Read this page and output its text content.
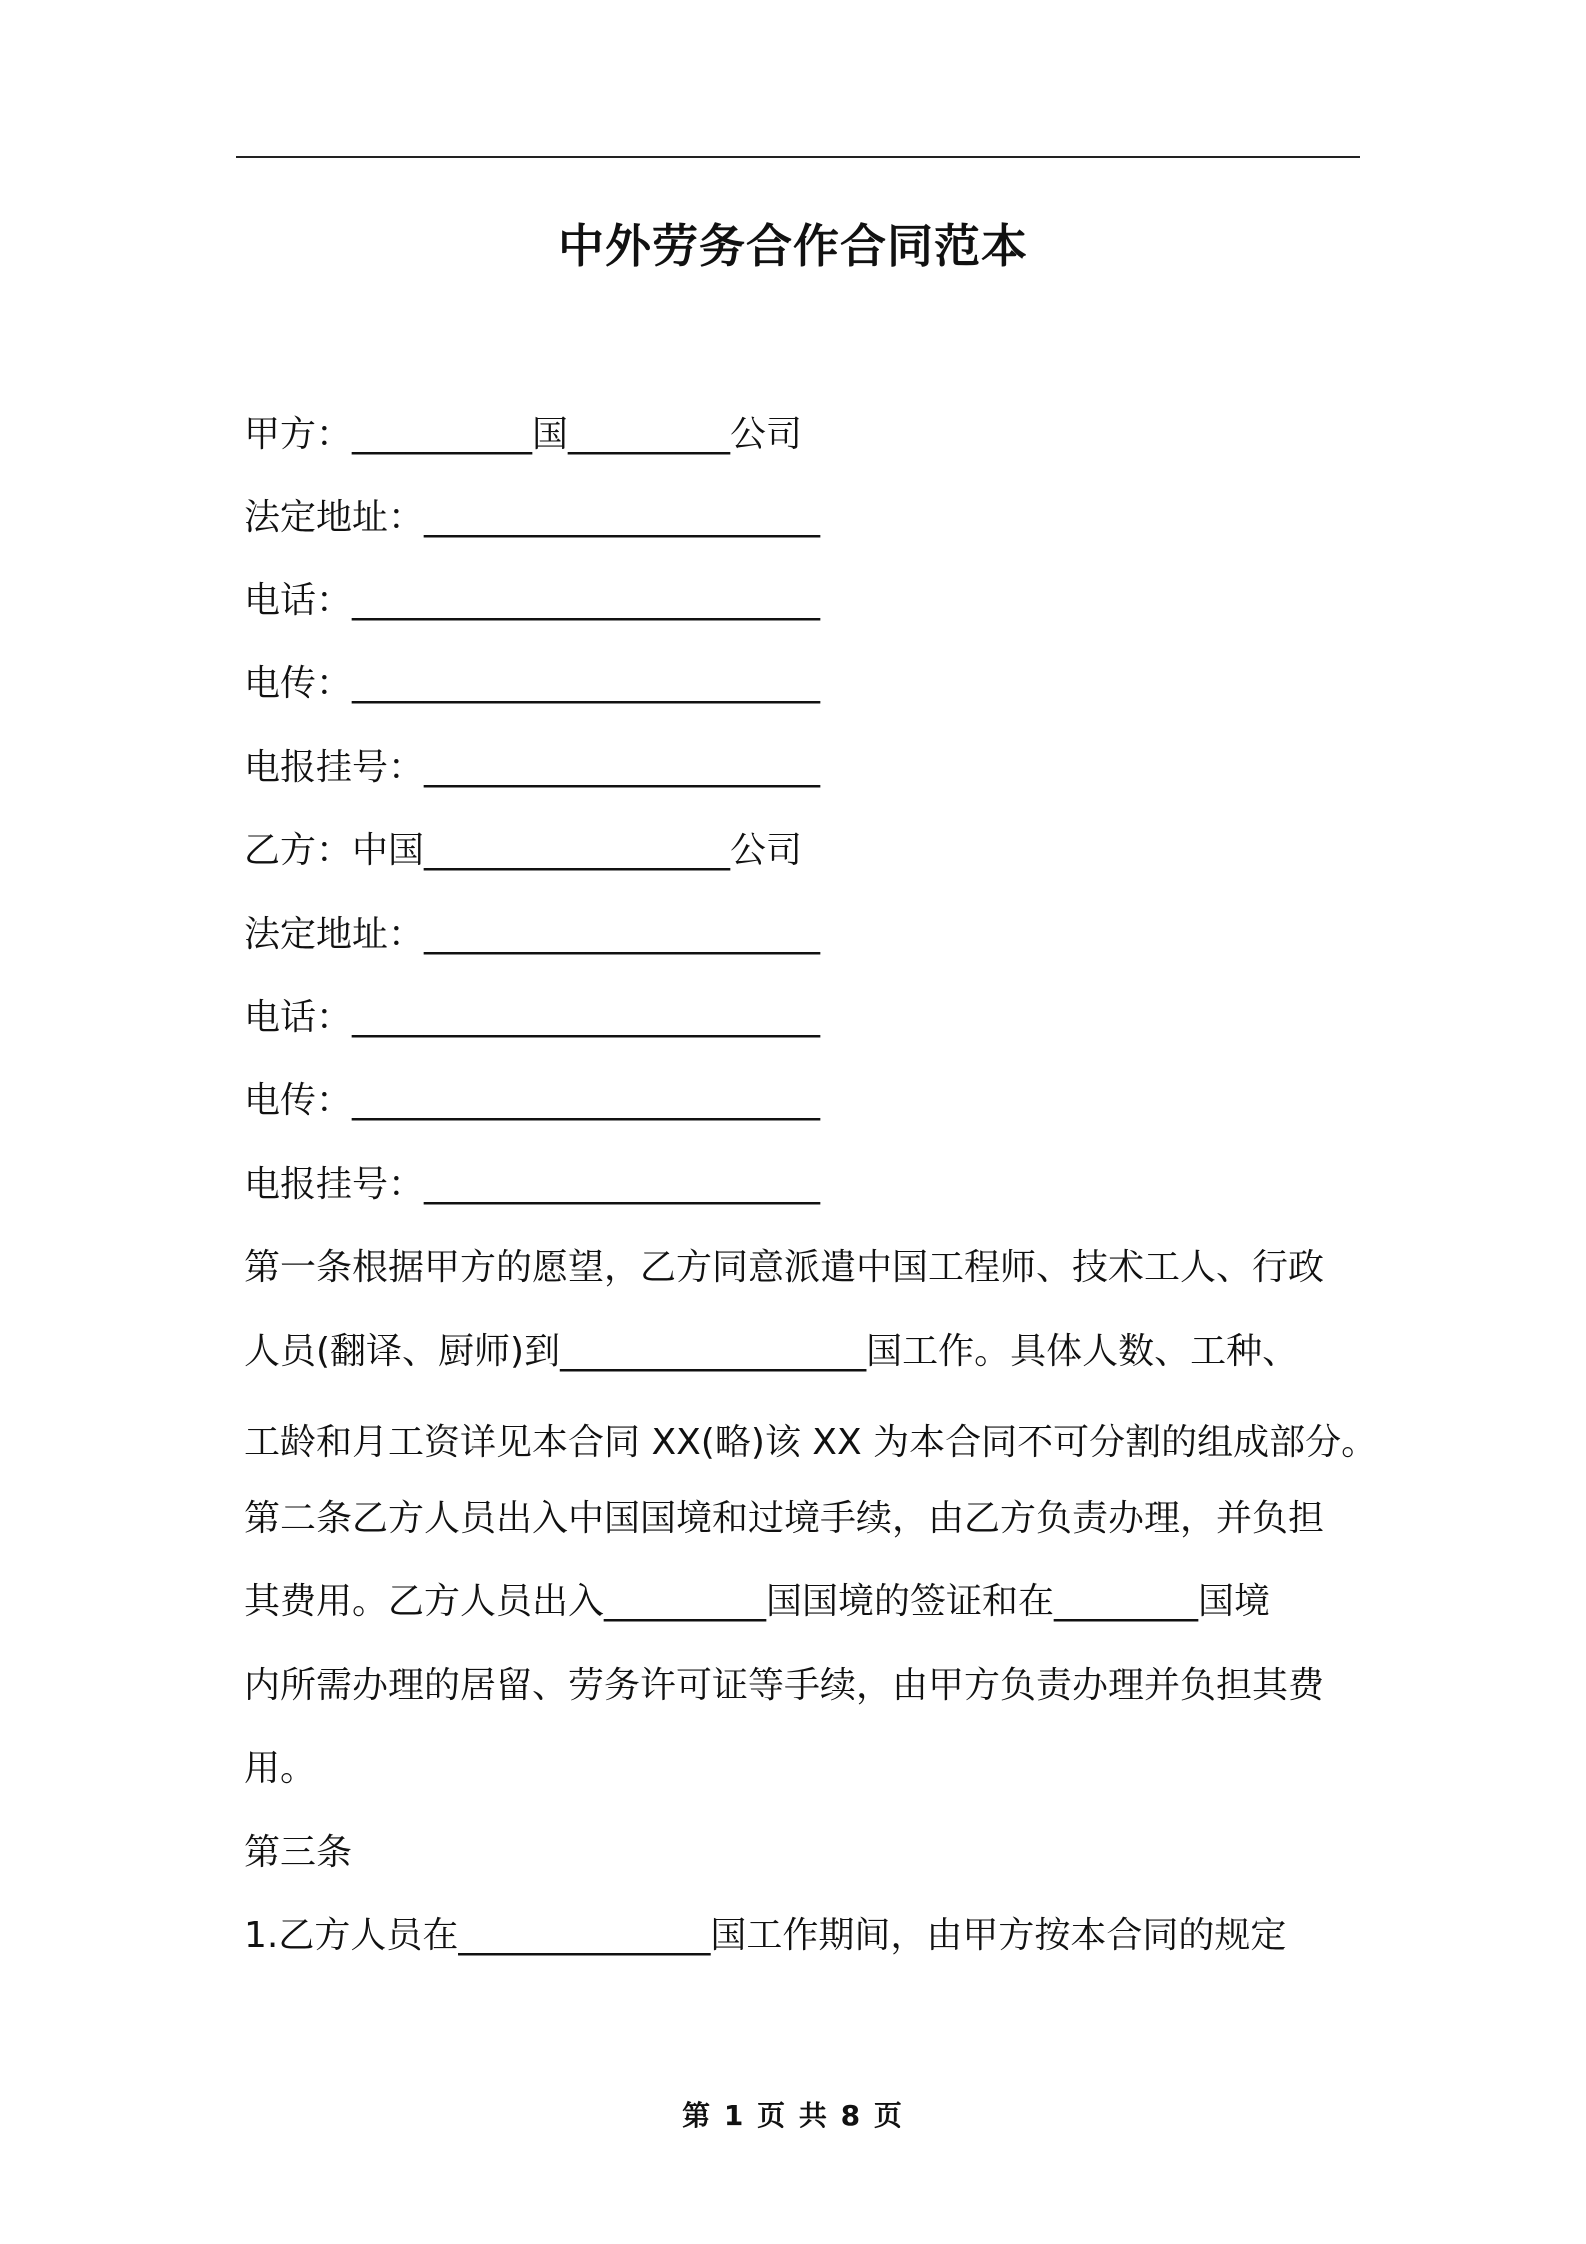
中外劳务合作合同范本
甲方：__________国_________公司
法定地址：______________________
电话：__________________________
电传：__________________________
电报挂号：______________________
乙方：中国_________________公司
法定地址：______________________
电话：__________________________
电传：__________________________
电报挂号：______________________
第一条根据甲方的愿望，乙方同意派遣中国工程师、技术工人、行政
人员(翻译、厨师)到_________________国工作。具体人数、工种、
工龄和月工资详见本合同 XX(略)该 XX 为本合同不可分割的组成部分。
第二条乙方人员出入中国国境和过境手续，由乙方负责办理，并负担
其费用。乙方人员出入_________国国境的签证和在________国境
内所需办理的居留、劳务许可证等手续，由甲方负责办理并负担其费
用。
第三条
1.乙方人员在______________国工作期间，由甲方按本合同的规定
第 1 页 共 8 页
